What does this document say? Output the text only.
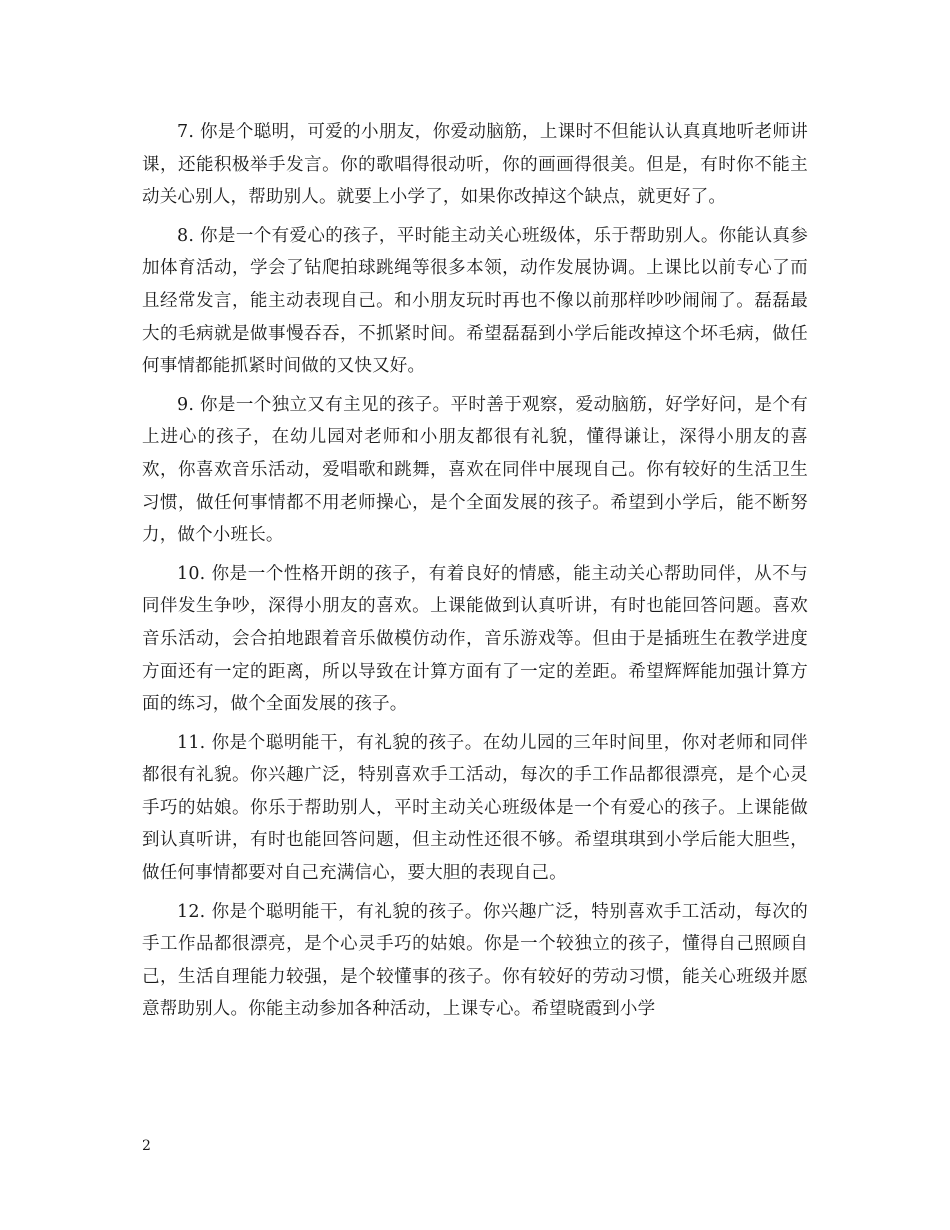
7. 你是个聪明，可爱的小朋友，你爱动脑筋，上课时不但能认认真真地听老师讲课，还能积极举手发言。你的歌唱得很动听，你的画画得很美。但是，有时你不能主动关心别人，帮助别人。就要上小学了，如果你改掉这个缺点，就更好了。

8. 你是一个有爱心的孩子，平时能主动关心班级体，乐于帮助别人。你能认真参加体育活动，学会了钻爬拍球跳绳等很多本领，动作发展协调。上课比以前专心了而且经常发言，能主动表现自己。和小朋友玩时再也不像以前那样吵吵闹闹了。磊磊最大的毛病就是做事慢吞吞，不抓紧时间。希望磊磊到小学后能改掉这个坏毛病，做任何事情都能抓紧时间做的又快又好。

9. 你是一个独立又有主见的孩子。平时善于观察，爱动脑筋，好学好问，是个有上进心的孩子，在幼儿园对老师和小朋友都很有礼貌，懂得谦让，深得小朋友的喜欢，你喜欢音乐活动，爱唱歌和跳舞，喜欢在同伴中展现自己。你有较好的生活卫生习惯，做任何事情都不用老师操心，是个全面发展的孩子。希望到小学后，能不断努力，做个小班长。

10. 你是一个性格开朗的孩子，有着良好的情感，能主动关心帮助同伴，从不与同伴发生争吵，深得小朋友的喜欢。上课能做到认真听讲，有时也能回答问题。喜欢音乐活动，会合拍地跟着音乐做模仿动作，音乐游戏等。但由于是插班生在教学进度方面还有一定的距离，所以导致在计算方面有了一定的差距。希望辉辉能加强计算方面的练习，做个全面发展的孩子。

11. 你是个聪明能干，有礼貌的孩子。在幼儿园的三年时间里，你对老师和同伴都很有礼貌。你兴趣广泛，特别喜欢手工活动，每次的手工作品都很漂亮，是个心灵手巧的姑娘。你乐于帮助别人，平时主动关心班级体是一个有爱心的孩子。上课能做到认真听讲，有时也能回答问题，但主动性还很不够。希望琪琪到小学后能大胆些，做任何事情都要对自己充满信心，要大胆的表现自己。

12. 你是个聪明能干，有礼貌的孩子。你兴趣广泛，特别喜欢手工活动，每次的手工作品都很漂亮，是个心灵手巧的姑娘。你是一个较独立的孩子，懂得自己照顾自己，生活自理能力较强，是个较懂事的孩子。你有较好的劳动习惯，能关心班级并愿意帮助别人。你能主动参加各种活动，上课专心。希望晓霞到小学

2
